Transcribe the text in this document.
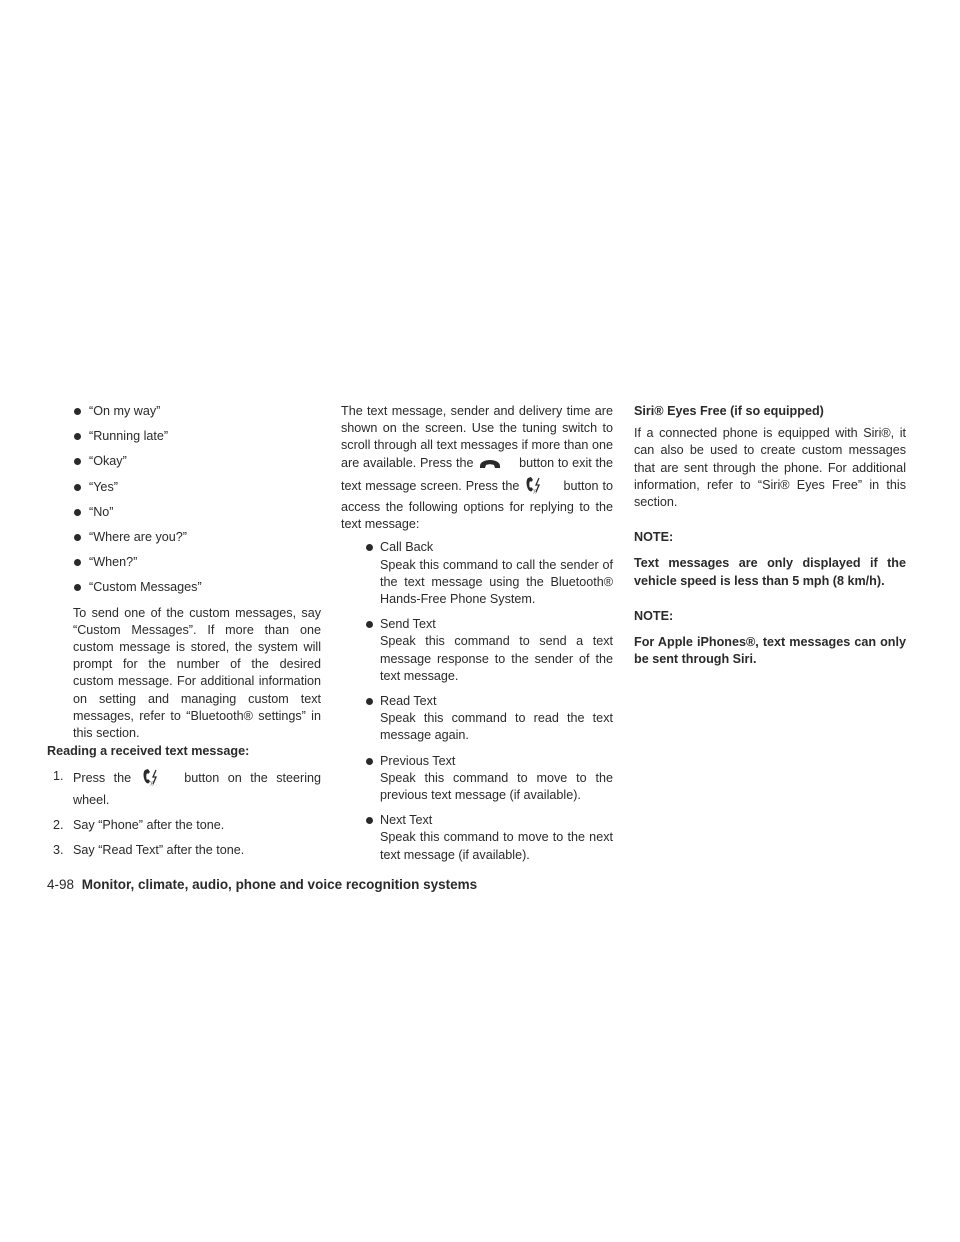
“On my way”
“Running late”
“Okay”
“Yes”
“No”
“Where are you?”
“When?”
“Custom Messages”

To send one of the custom messages, say “Custom Messages”. If more than one custom message is stored, the system will prompt for the number of the desired custom message. For additional information on setting and managing custom text messages, refer to “Bluetooth® settings” in this section.

Reading a received text message:
1. Press the	)) button on the steering wheel.
2. Say “Phone” after the tone.
3. Say “Read Text” after the tone.

The text message, sender and delivery time are shown on the screen. Use the tuning switch to scroll through all text messages if more than one are available. Press the	button to exit the text message screen. Press the	)) button to access the following options for replying to the text message:

Call Back
Speak this command to call the sender of the text message using the Bluetooth® Hands-Free Phone System.
Send Text
Speak this command to send a text message response to the sender of the text message.
Read Text
Speak this command to read the text message again.
Previous Text
Speak this command to move to the previous text message (if available).
Next Text
Speak this command to move to the next text message (if available).
Siri® Eyes Free (if so equipped)

If a connected phone is equipped with Siri®, it can also be used to create custom messages that are sent through the phone. For additional information, refer to “Siri® Eyes Free” in this section.

NOTE:

Text messages are only displayed if the vehicle speed is less than 5 mph (8 km/h).

NOTE:

For Apple iPhones®, text messages can only be sent through Siri.

4-98 Monitor, climate, audio, phone and voice recognition systems
